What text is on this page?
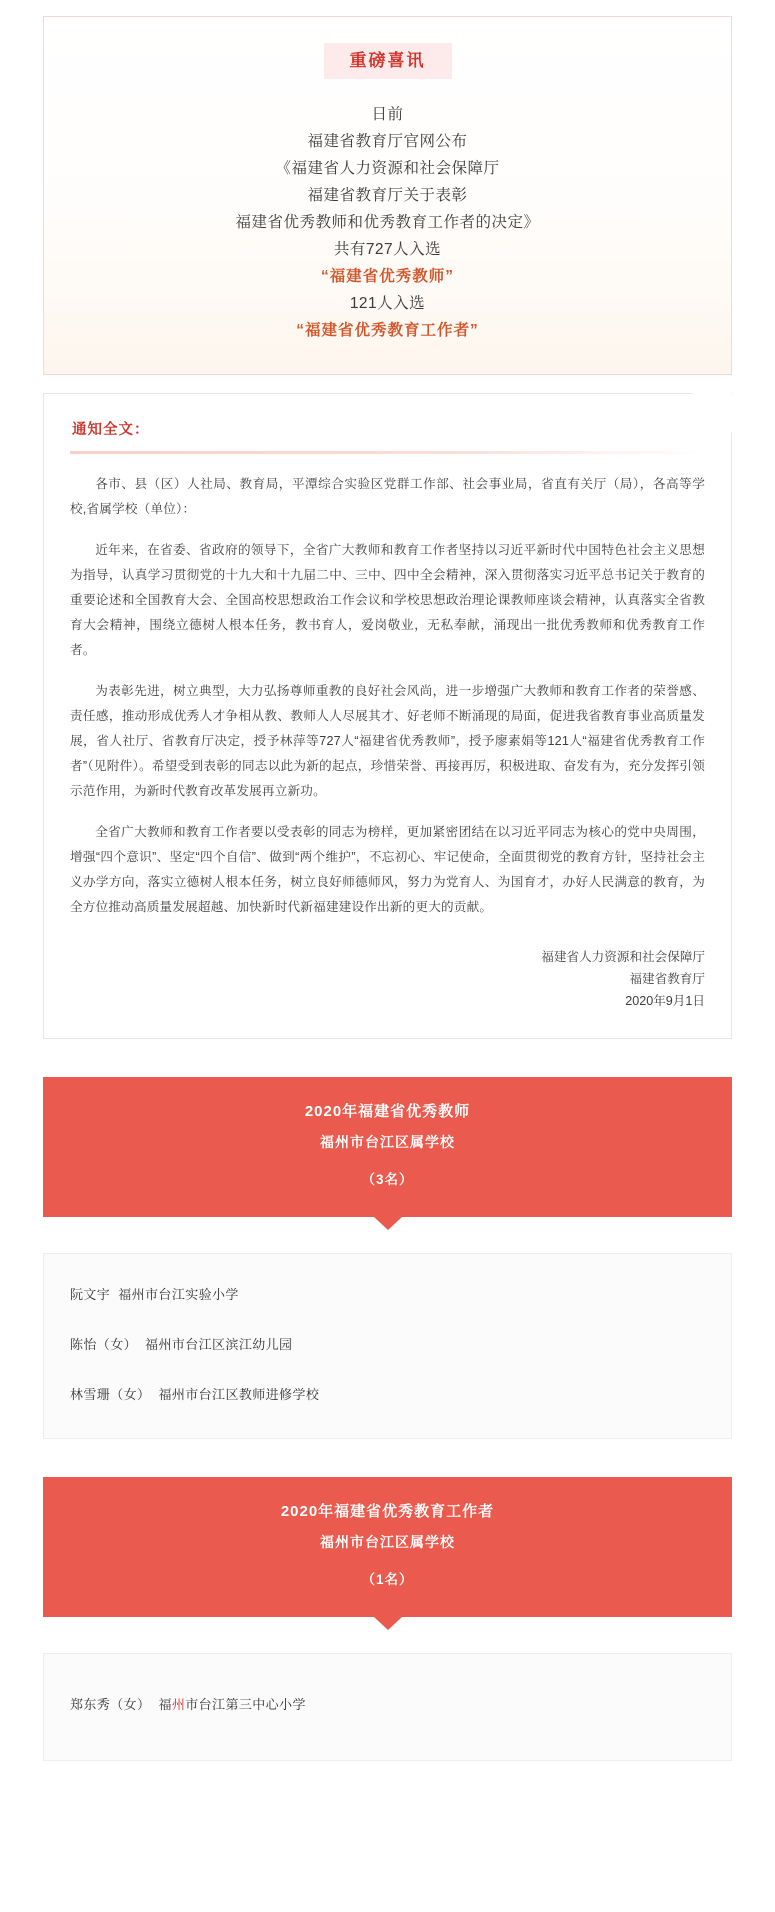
重磅喜讯
日前
福建省教育厅官网公布
《福建省人力资源和社会保障厅
福建省教育厅关于表彰
福建省优秀教师和优秀教育工作者的决定》
共有727人入选
“福建省优秀教师”
121人入选
“福建省优秀教育工作者”
通知全文：

各市、县（区）人社局、教育局，平潭综合实验区党群工作部、社会事业局，省直有关厅（局），各高等学校,省属学校（单位）：

近年来，在省委、省政府的领导下，全省广大教师和教育工作者坚持以习近平新时代中国特色社会主义思想为指导，认真学习贯彻党的十九大和十九届二中、三中、四中全会精神，深入贯彻落实习近平总书记关于教育的重要论述和全国教育大会、全国高校思想政治工作会议和学校思想政治理论课教师座谈会精神，认真落实全省教育大会精神，围绕立德树人根本任务，教书育人，爱岗敬业，无私奉献，涌现出一批优秀教师和优秀教育工作者。

为表彰先进，树立典型，大力弘扬尊师重教的良好社会风尚，进一步增强广大教师和教育工作者的荣誉感、责任感，推动形成优秀人才争相从教、教师人人尽展其才、好老师不断涌现的局面，促进我省教育事业高质量发展，省人社厅、省教育厅决定，授予林萍等727人“福建省优秀教师”，授予廖素娟等121人“福建省优秀教育工作者”（见附件）。希望受到表彰的同志以此为新的起点，珍惜荣誉、再接再厉，积极进取、奋发有为，充分发挥引领示范作用，为新时代教育改革发展再立新功。

全省广大教师和教育工作者要以受表彰的同志为榜样，更加紧密团结在以习近平同志为核心的党中央周围，增强“四个意识”、坚定“四个自信”、做到“两个维护”，不忘初心、牢记使命，全面贯彻党的教育方针，坚持社会主义办学方向，落实立德树人根本任务，树立良好师德师风，努力为党育人、为国育才，办好人民满意的教育，为全方位推动高质量发展超越、加快新时代新福建建设作出新的更大的贡献。

福建省人力资源和社会保障厅
福建省教育厅
2020年9月1日
2020年福建省优秀教师
福州市台江区属学校
（3名）
阮文宇 福州市台江实验小学
陈怡（女） 福州市台江区滨江幼儿园
林雪珊（女） 福州市台江区教师进修学校
2020年福建省优秀教育工作者
福州市台江区属学校
（1名）
郑东秀（女） 福州市台江第三中心小学
